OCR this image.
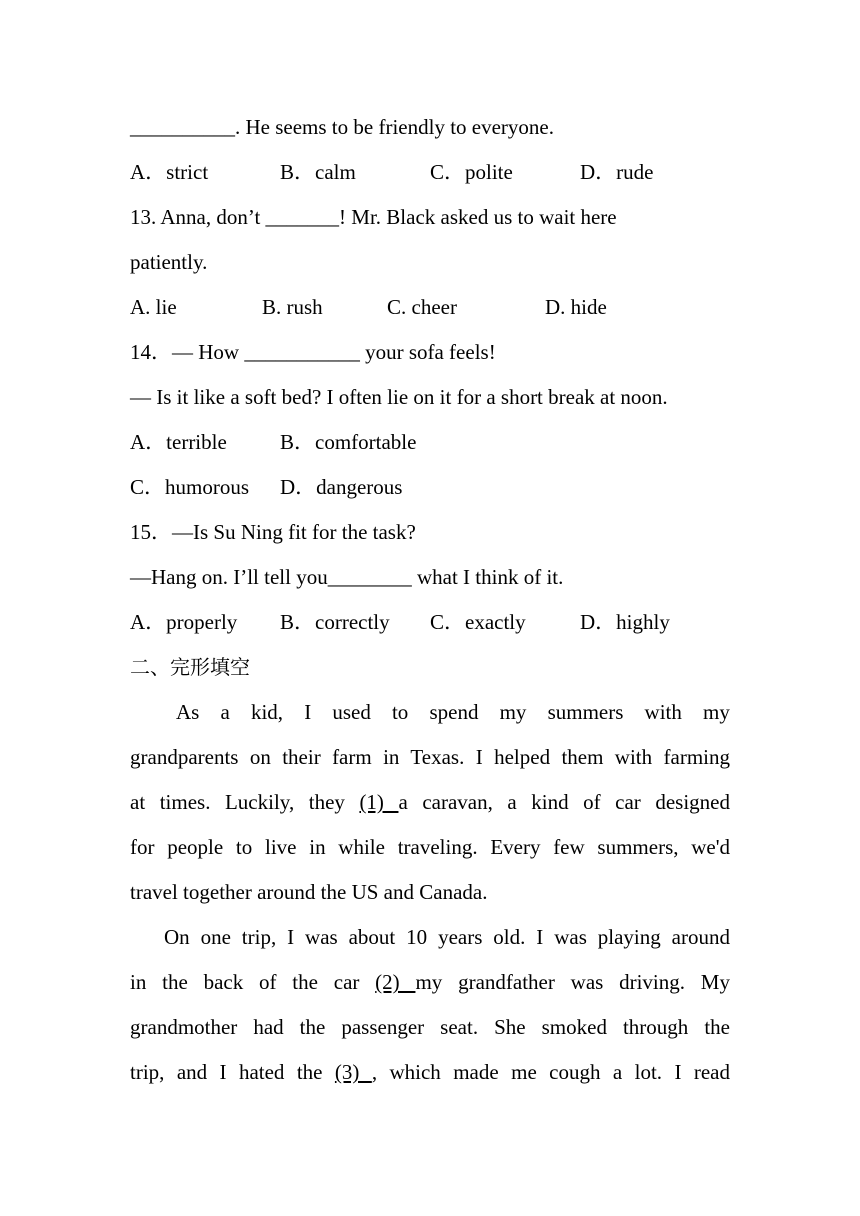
__________. He seems to be friendly to everyone.
A．strict	B．calm	C．polite	D．rude
13. Anna, don’t _______! Mr. Black asked us to wait here
patiently.
A. lie	B. rush	C. cheer	D. hide
14．— How ___________ your sofa feels!
— Is it like a soft bed? I often lie on it for a short break at noon.
A．terrible	B．comfortable
C．humorous	D．dangerous
15．—Is Su Ning fit for the task?
—Hang on. I’ll tell you________ what I think of it.
A．properly	B．correctly	C．exactly	D．highly
二、完形填空
As a kid, I used to spend my summers with my
grandparents on their farm in Texas. I helped them with farming
at times. Luckily, they (1) a caravan, a kind of car designed
for people to live in while traveling. Every few summers, we'd
travel together around the US and Canada.
On one trip, I was about 10 years old. I was playing around
in the back of the car (2) my grandfather was driving. My
grandmother had the passenger seat. She smoked through the
trip, and I hated the (3) , which made me cough a lot. I read
